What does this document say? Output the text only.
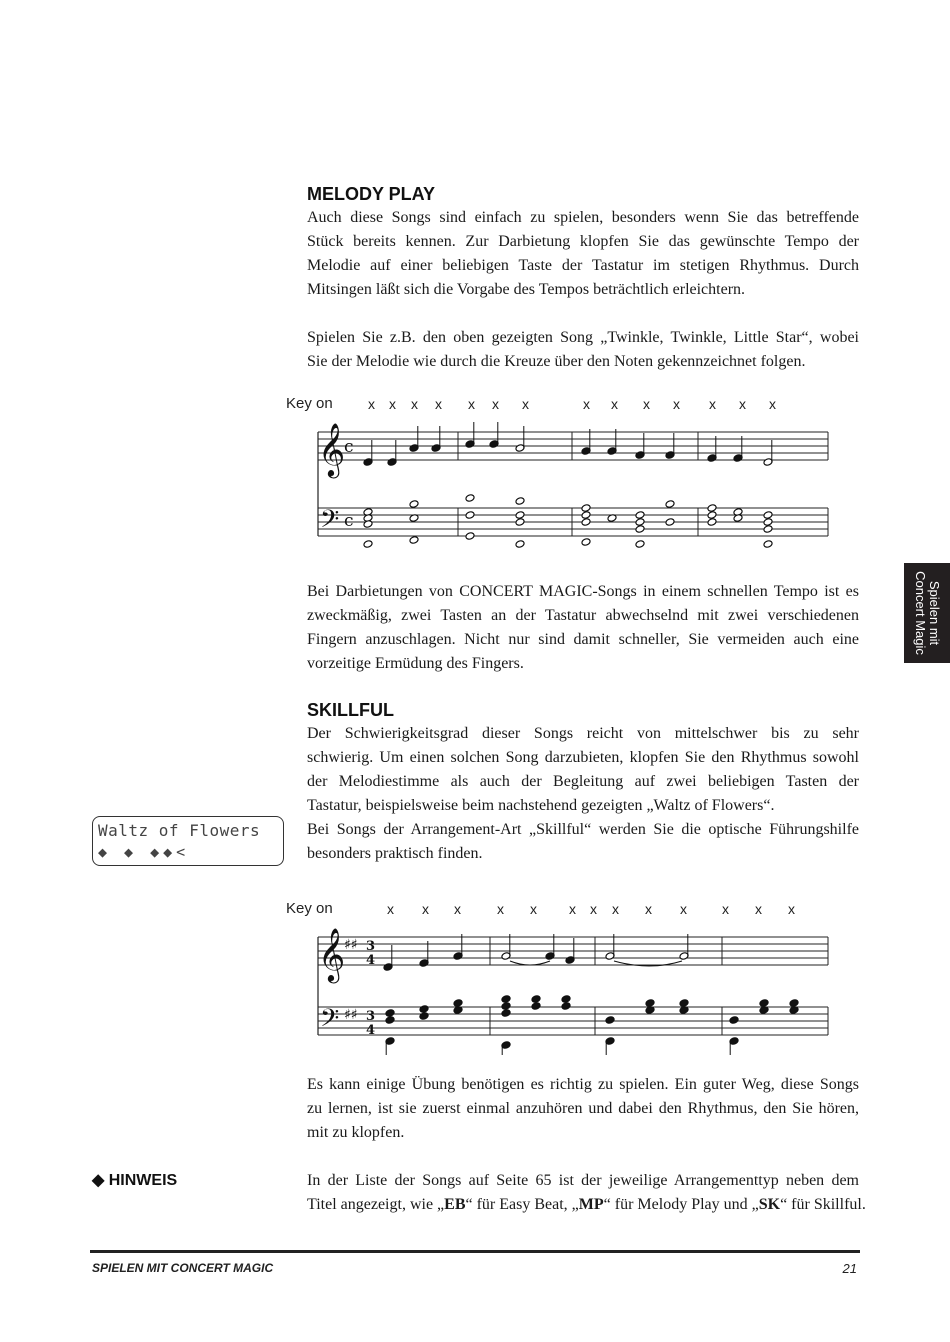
MELODY PLAY
Auch diese Songs sind einfach zu spielen, besonders wenn Sie das betreffende
Stück bereits kennen. Zur Darbietung klopfen Sie das gewünschte Tempo der
Melodie auf einer beliebigen Taste der Tastatur im stetigen Rhythmus. Durch
Mitsingen läßt sich die Vorgabe des Tempos beträchtlich erleichtern.
Spielen Sie z.B. den oben gezeigten Song „Twinkle, Twinkle, Little Star“, wobei
Sie der Melodie wie durch die Kreuze über den Noten gekennzeichnet folgen.
Key on	x x x x x x x	x x x x x x x
𝄞
𝄢
c
c
Bei Darbietungen von CONCERT MAGIC-Songs in einem schnellen Tempo ist es
zweckmäßig, zwei Tasten an der Tastatur abwechselnd mit zwei verschiedenen
Fingern anzuschlagen. Nicht nur sind damit schneller, Sie vermeiden auch eine
vorzeitige Ermüdung des Fingers.
Spielen mit
Concert Magic
SKILLFUL
Der Schwierigkeitsgrad dieser Songs reicht von mittelschwer bis zu sehr
schwierig. Um einen solchen Song darzubieten, klopfen Sie den Rhythmus sowohl
der Melodiestimme als auch der Begleitung auf zwei beliebigen Tasten der
Tastatur, beispielsweise beim nachstehend gezeigten „Waltz of Flowers“.
Bei Songs der Arrangement-Art „Skillful“ werden Sie die optische Führungshilfe
besonders praktisch finden.
Waltz of Flowers
◆ ◆ ◆◆<
Key on	x x x	x x x x x x x	x x x
𝄞
𝄢
♯♯
♯♯
3
4
3
4
Es kann einige Übung benötigen es richtig zu spielen. Ein guter Weg, diese Songs
zu lernen, ist sie zuerst einmal anzuhören und dabei den Rhythmus, den Sie hören,
mit zu klopfen.
◆ HINWEIS	In der Liste der Songs auf Seite 65 ist der jeweilige Arrangementtyp neben dem
Titel angezeigt, wie „EB“ für Easy Beat, „MP“ für Melody Play und „SK“ für Skillful.
SPIELEN MIT CONCERT MAGIC	21
